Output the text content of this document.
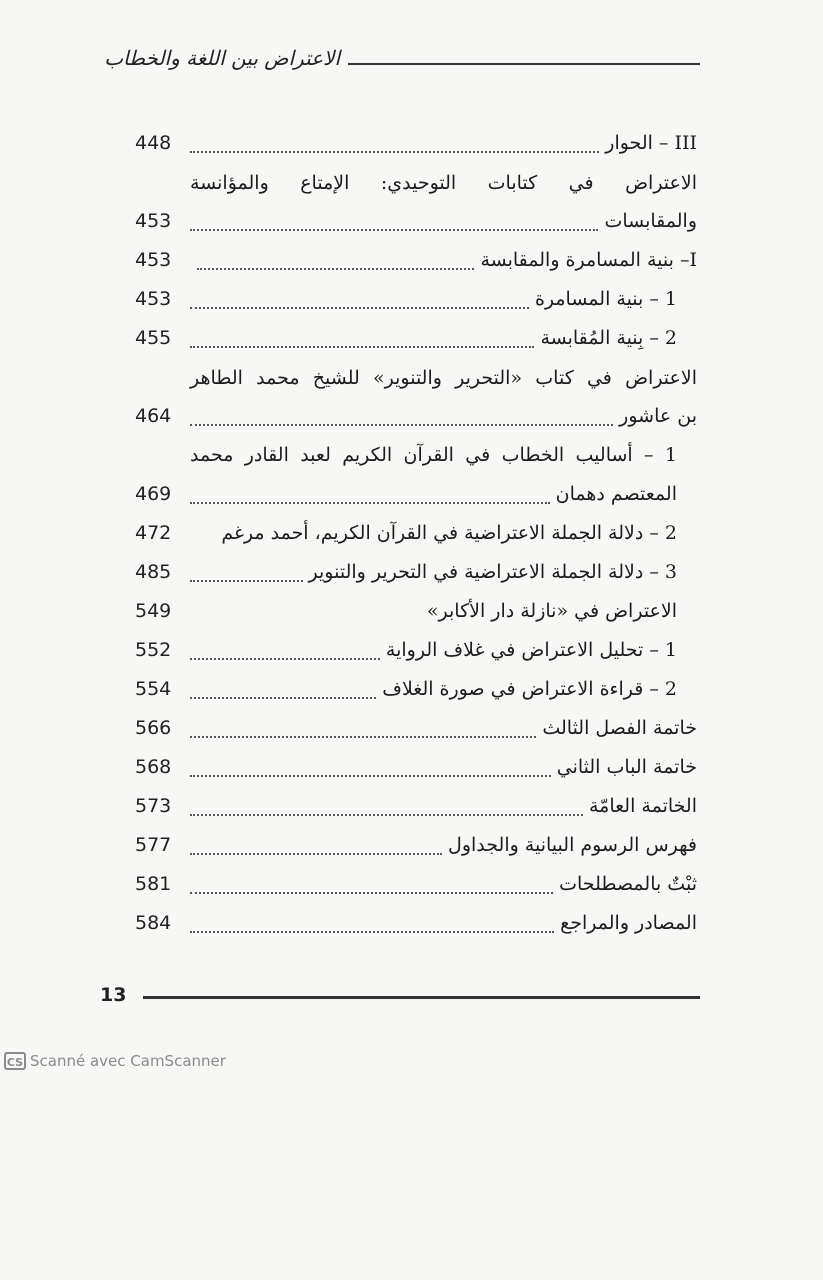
الاعتراض بين اللغة والخطاب
448	III – الحوار
الاعتراض في كتابات التوحيدي: الإمتاع والمؤانسة
453	والمقابسات
453	I– بنية المسامرة والمقابسة
453	1 – بنية المسامرة
455	2 – بِنية المُقابسة
الاعتراض في كتاب «التحرير والتنوير» للشيخ محمد الطاهر
464	بن عاشور
1 – أساليب الخطاب في القرآن الكريم لعبد القادر محمد
469	المعتصم دهمان
472	2 – دلالة الجملة الاعتراضية في القرآن الكريم، أحمد مرغم
485	3 – دلالة الجملة الاعتراضية في التحرير والتنوير
549	الاعتراض في «نازلة دار الأكابر»
552	1 – تحليل الاعتراض في غلاف الرواية
554	2 – قراءة الاعتراض في صورة الغلاف
566	خاتمة الفصل الثالث
568	خاتمة الباب الثاني
573	الخاتمة العامّة
577	فهرس الرسوم البيانية والجداول
581	ثبْتٌ بالمصطلحات
584	المصادر والمراجع
13
CS Scanné avec CamScanner
